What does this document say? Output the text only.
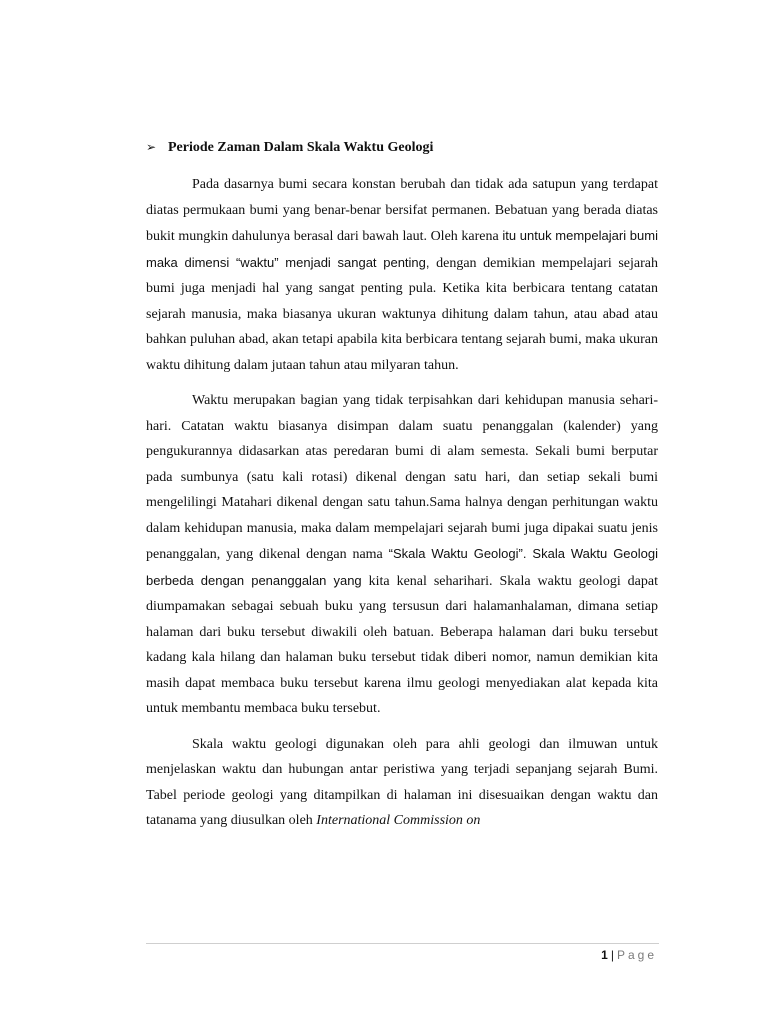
➢ Periode Zaman Dalam Skala Waktu Geologi

Pada dasarnya bumi secara konstan berubah dan tidak ada satupun yang terdapat diatas permukaan bumi yang benar-benar bersifat permanen. Bebatuan yang berada diatas bukit mungkin dahulunya berasal dari bawah laut. Oleh karena itu untuk mempelajari bumi maka dimensi “waktu” menjadi sangat penting, dengan demikian mempelajari sejarah bumi juga menjadi hal yang sangat penting pula. Ketika kita berbicara tentang catatan sejarah manusia, maka biasanya ukuran waktunya dihitung dalam tahun, atau abad atau bahkan puluhan abad, akan tetapi apabila kita berbicara tentang sejarah bumi, maka ukuran waktu dihitung dalam jutaan tahun atau milyaran tahun.

Waktu merupakan bagian yang tidak terpisahkan dari kehidupan manusia sehari-hari. Catatan waktu biasanya disimpan dalam suatu penanggalan (kalender) yang pengukurannya didasarkan atas peredaran bumi di alam semesta. Sekali bumi berputar pada sumbunya (satu kali rotasi) dikenal dengan satu hari, dan setiap sekali bumi mengelilingi Matahari dikenal dengan satu tahun.Sama halnya dengan perhitungan waktu dalam kehidupan manusia, maka dalam mempelajari sejarah bumi juga dipakai suatu jenis penanggalan, yang dikenal dengan nama “Skala Waktu Geologi”. Skala Waktu Geologi berbeda dengan penanggalan yang kita kenal seharihari. Skala waktu geologi dapat diumpamakan sebagai sebuah buku yang tersusun dari halamanhalaman, dimana setiap halaman dari buku tersebut diwakili oleh batuan. Beberapa halaman dari buku tersebut kadang kala hilang dan halaman buku tersebut tidak diberi nomor, namun demikian kita masih dapat membaca buku tersebut karena ilmu geologi menyediakan alat kepada kita untuk membantu membaca buku tersebut.

Skala waktu geologi digunakan oleh para ahli geologi dan ilmuwan untuk menjelaskan waktu dan hubungan antar peristiwa yang terjadi sepanjang sejarah Bumi. Tabel periode geologi yang ditampilkan di halaman ini disesuaikan dengan waktu dan tatanama yang diusulkan oleh International Commission on

1 | Page
